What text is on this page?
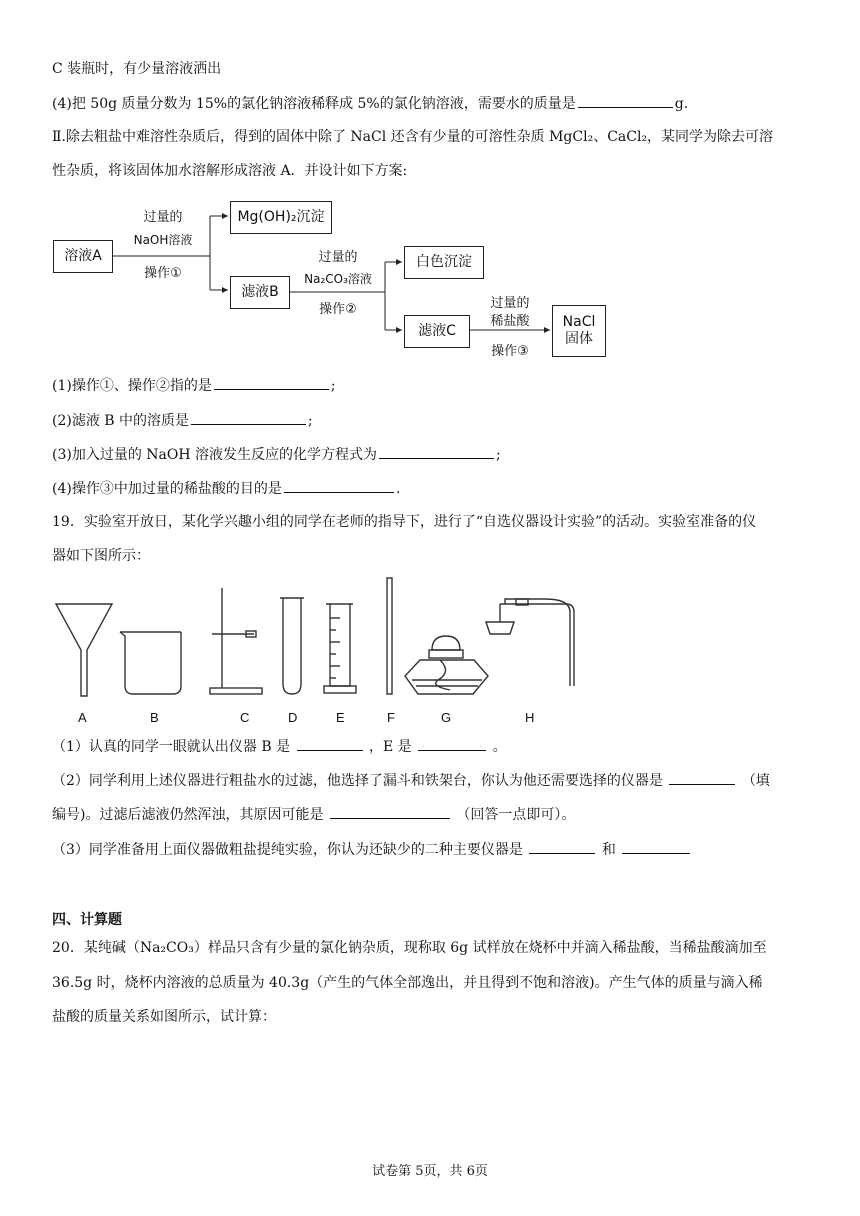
C 装瓶时，有少量溶液洒出
(4)把 50g 质量分数为 15%的氯化钠溶液稀释成 5%的氯化钠溶液，需要水的质量是	g.
Ⅱ.除去粗盐中难溶性杂质后，得到的固体中除了 NaCl 还含有少量的可溶性杂质 MgCl₂、CaCl₂，某同学为除去可溶
性杂质，将该固体加水溶解形成溶液 A．并设计如下方案:
溶液A
Mg(OH)₂沉淀
滤液B
白色沉淀
滤液C
NaCl
固体
过量的
NaOH溶液
操作①
过量的
Na₂CO₃溶液
操作②	过量的
稀盐酸
操作③
(1)操作①、操作②指的是	;
(2)滤液 B 中的溶质是	;
(3)加入过量的 NaOH 溶液发生反应的化学方程式为	;
(4)操作③中加过量的稀盐酸的目的是	.
19．实验室开放日，某化学兴趣小组的同学在老师的指导下，进行了“自选仪器设计实验”的活动。实验室准备的仪
器如下图所示：
A	B	C	D	E	F	G	H
（1）认真的同学一眼就认出仪器 B 是	，E 是	。
（2）同学利用上述仪器进行粗盐水的过滤，他选择了漏斗和铁架台，你认为他还需要选择的仪器是	（填
编号)。过滤后滤液仍然浑浊，其原因可能是	（回答一点即可）。
（3）同学准备用上面仪器做粗盐提纯实验，你认为还缺少的二种主要仪器是	和
四、计算题
20．某纯碱（Na₂CO₃）样品只含有少量的氯化钠杂质，现称取 6g 试样放在烧杯中并滴入稀盐酸，当稀盐酸滴加至
36.5g 时，烧杯内溶液的总质量为 40.3g（产生的气体全部逸出，并且得到不饱和溶液)。产生气体的质量与滴入稀
盐酸的质量关系如图所示，试计算：
试卷第 5页，共 6页
